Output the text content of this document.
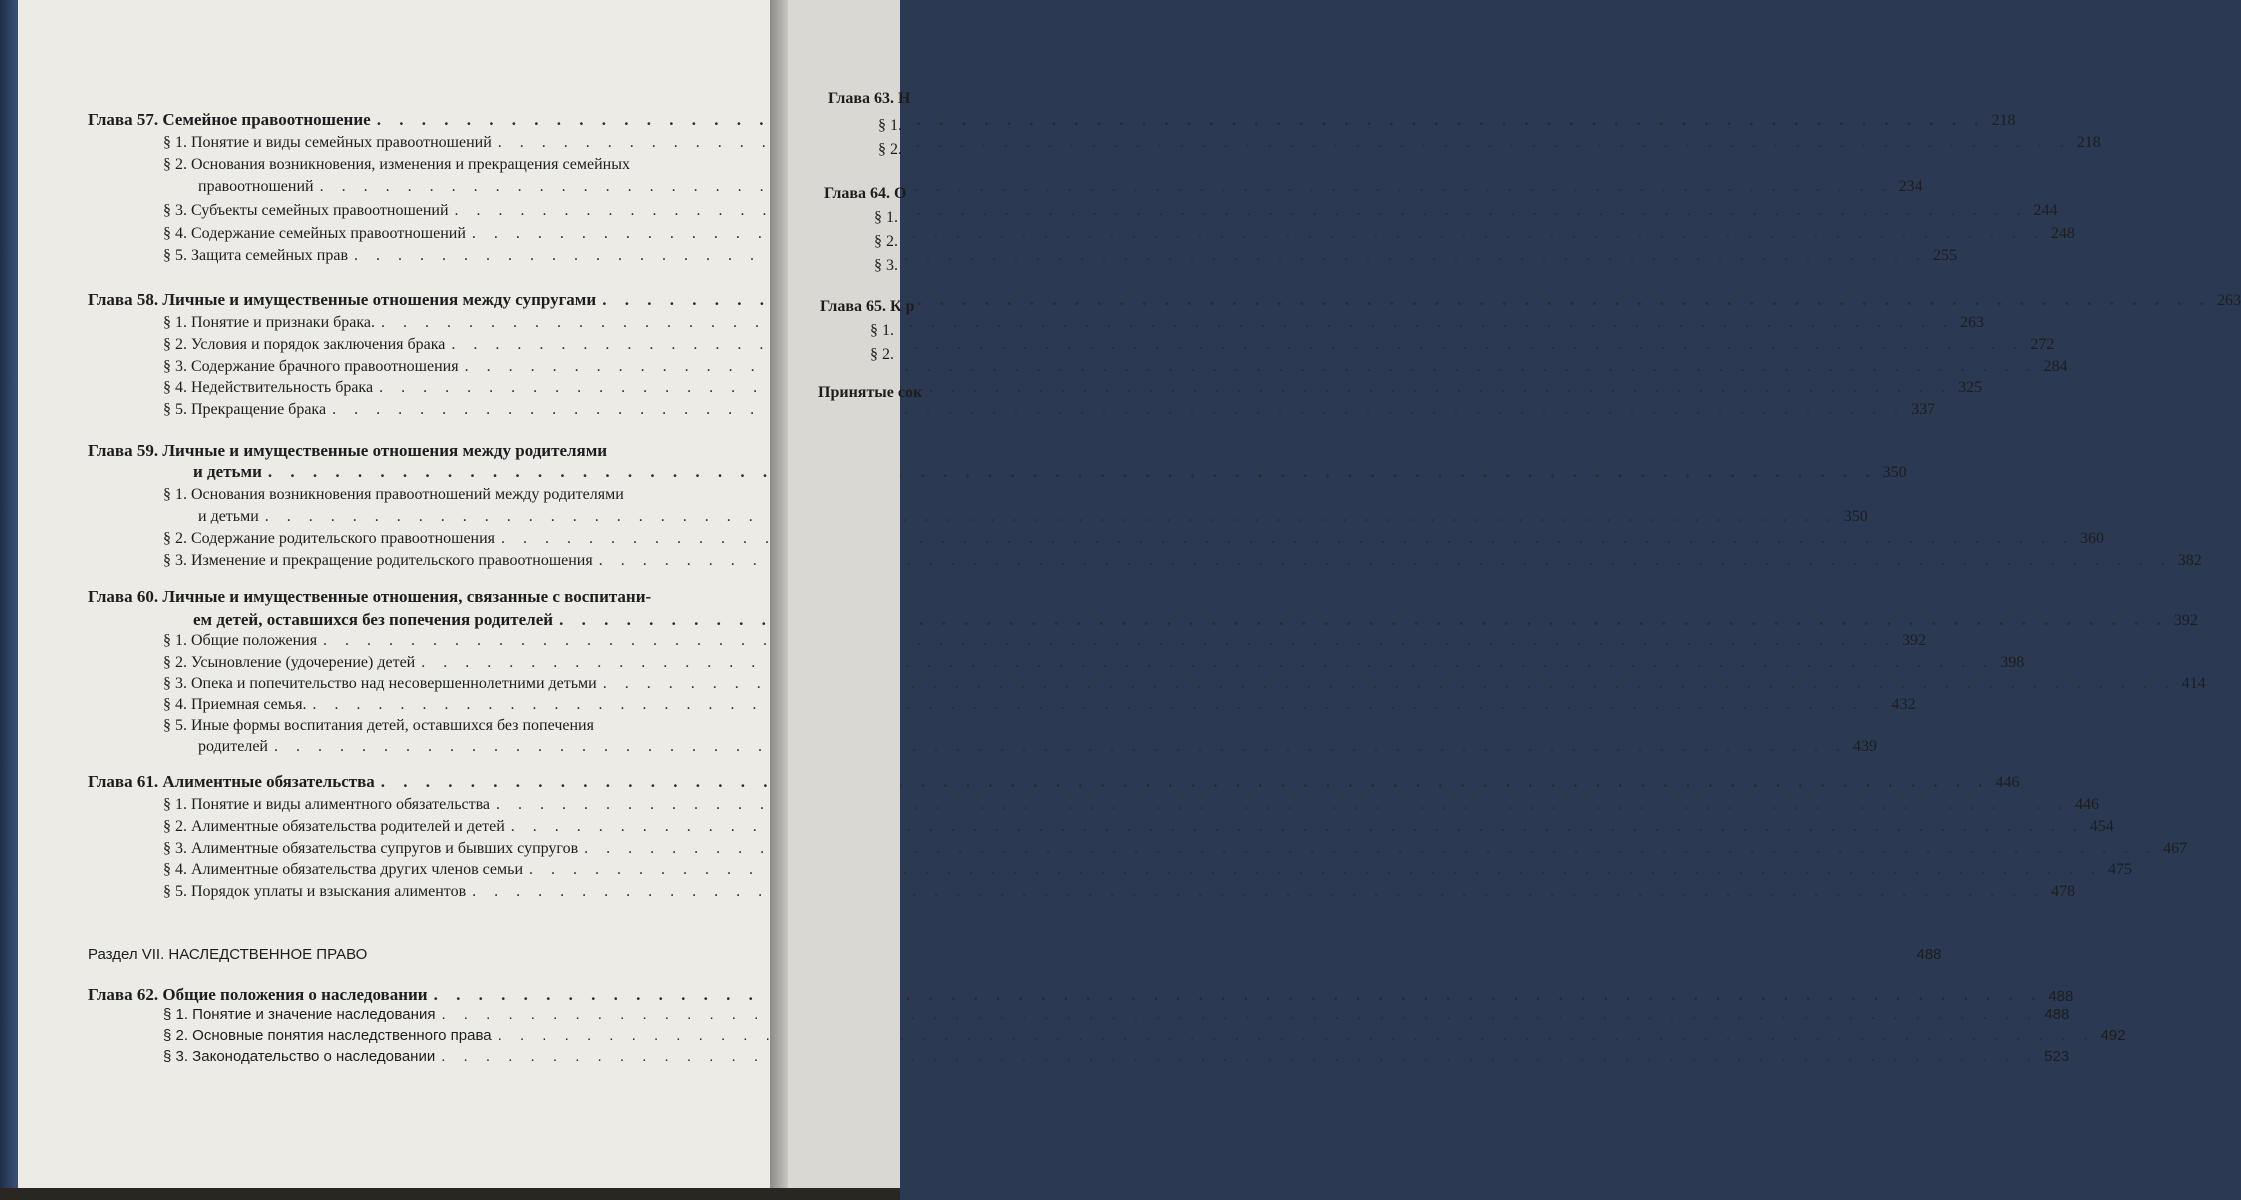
Глава 57. Семейное правоотношение . . .	218
§ 1. Понятие и виды семейных правоотношений . . .	218
§ 2. Основания возникновения, изменения и прекращения семейных
правоотношений . . .	234
§ 3. Субъекты семейных правоотношений . . .	244
§ 4. Содержание семейных правоотношений . . .	248
§ 5. Защита семейных прав . . .	255
Глава 58. Личные и имущественные отношения между супругами . . .	263
§ 1. Понятие и признаки брака. . . .	263
§ 2. Условия и порядок заключения брака . . .	272
§ 3. Содержание брачного правоотношения . . .	284
§ 4. Недействительность брака . . .	325
§ 5. Прекращение брака . . .	337
Глава 59. Личные и имущественные отношения между родителями
и детьми . . .	350
§ 1. Основания возникновения правоотношений между родителями
и детьми . . .	350
§ 2. Содержание родительского правоотношения . . .	360
§ 3. Изменение и прекращение родительского правоотношения . . .	382
Глава 60. Личные и имущественные отношения, связанные с воспитани-
ем детей, оставшихся без попечения родителей . . .	392
§ 1. Общие положения . . .	392
§ 2. Усыновление (удочерение) детей . . .	398
§ 3. Опека и попечительство над несовершеннолетними детьми . . .	414
§ 4. Приемная семья. . . .	432
§ 5. Иные формы воспитания детей, оставшихся без попечения
родителей . . .	439
Глава 61. Алиментные обязательства . . .	446
§ 1. Понятие и виды алиментного обязательства . . .	446
§ 2. Алиментные обязательства родителей и детей . . .	454
§ 3. Алиментные обязательства супругов и бывших супругов . . .	467
§ 4. Алиментные обязательства других членов семьи . . .	475
§ 5. Порядок уплаты и взыскания алиментов . . .	478
Раздел VII. НАСЛЕДСТВЕННОЕ ПРАВО	488
Глава 62. Общие положения о наследовании . . .	488
§ 1. Понятие и значение наследования . . .	488
§ 2. Основные понятия наследственного права . . .	492
§ 3. Законодательство о наследовании . . .	523
Глава 63. Н
§ 1.
§ 2.
Глава 64. О
§ 1.
§ 2.
§ 3.
Глава 65. К р
§ 1.
§ 2.
Принятые сок
